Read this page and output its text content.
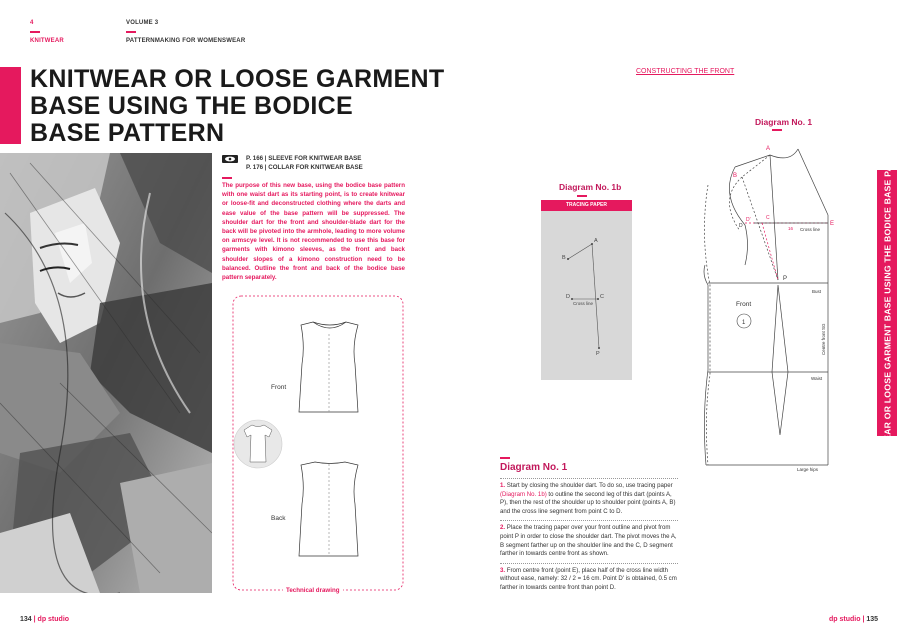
4
KNITWEAR
VOLUME 3
PATTERNMAKING FOR WOMENSWEAR
KNITWEAR OR LOOSE GARMENT
BASE USING THE BODICE
BASE PATTERN
P. 166 | SLEEVE FOR KNITWEAR BASE
P. 176 | COLLAR FOR KNITWEAR BASE
The purpose of this new base, using the bodice base pattern with one waist dart as its starting point, is to create knitwear or loose-fit and deconstructed clothing where the darts and ease value of the base pattern will be suppressed. The shoulder dart for the front and shoulder-blade dart for the back will be pivoted into the armhole, leading to more volume on armscye level. It is not recommended to use this base for garments with kimono sleeves, as the front and back shoulder slopes of a kimono construction need to be balanced. Outline the front and back of the bodice base pattern separately.
Front
Back
Technical drawing
134 | dp studio
CONSTRUCTING THE FRONT
Diagram No. 1b
TRACING PAPER
A
B
D	C
P
Cross line
Diagram No. 1
A
B
D'	C
D	E
P
16 Cross line
Bust
Front
1
Waist
Large hips
Centre front SG
Diagram No. 1

1. Start by closing the shoulder dart. To do so, use tracing paper (Diagram No. 1b) to outline the second leg of this dart (points A, P), then the rest of the shoulder up to shoulder point (points A, B) and the cross line segment from point C to D.

2. Place the tracing paper over your front outline and pivot from point P in order to close the shoulder dart. The pivot moves the A, B segment farther up on the shoulder line and the C, D segment farther in towards centre front as shown.

3. From centre front (point E), place half of the cross line width without ease, namely: 32 / 2 = 16 cm. Point D' is obtained, 0.5 cm farther in towards centre front than point D.

KNITWEAR OR LOOSE GARMENT BASE USING THE BODICE BASE PATTERN
dp studio | 135
